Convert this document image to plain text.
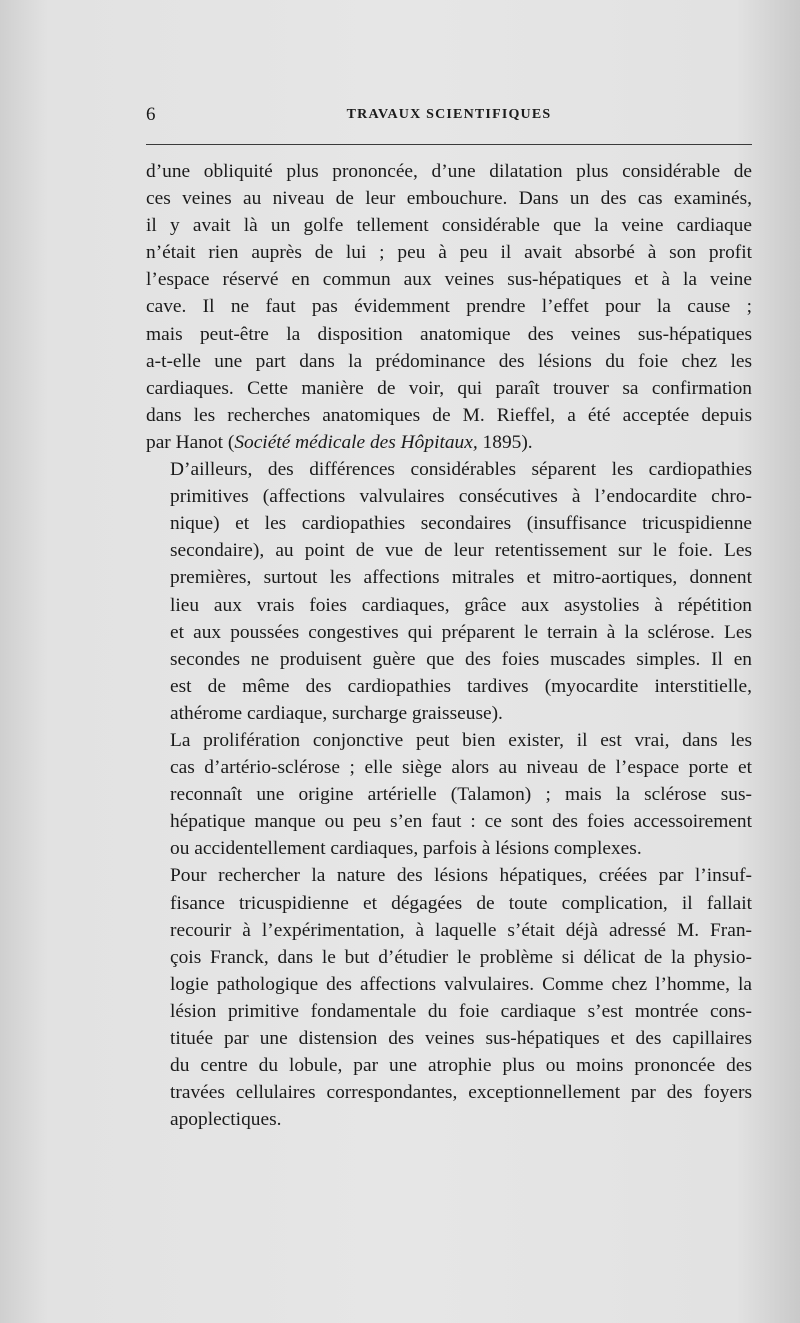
6	TRAVAUX SCIENTIFIQUES

d’une obliquité plus prononcée, d’une dilatation plus considérable de
ces veines au niveau de leur embouchure. Dans un des cas examinés,
il y avait là un golfe tellement considérable que la veine cardiaque
n’était rien auprès de lui ; peu à peu il avait absorbé à son profit
l’espace réservé en commun aux veines sus-hépatiques et à la veine
cave. Il ne faut pas évidemment prendre l’effet pour la cause ;
mais peut-être la disposition anatomique des veines sus-hépatiques
a-t-elle une part dans la prédominance des lésions du foie chez les
cardiaques. Cette manière de voir, qui paraît trouver sa confirmation
dans les recherches anatomiques de M. Rieffel, a été acceptée depuis
par Hanot (Société médicale des Hôpitaux, 1895).

D’ailleurs, des différences considérables séparent les cardiopathies
primitives (affections valvulaires consécutives à l’endocardite chro-
nique) et les cardiopathies secondaires (insuffisance tricuspidienne
secondaire), au point de vue de leur retentissement sur le foie. Les
premières, surtout les affections mitrales et mitro-aortiques, donnent
lieu aux vrais foies cardiaques, grâce aux asystolies à répétition
et aux poussées congestives qui préparent le terrain à la sclérose. Les
secondes ne produisent guère que des foies muscades simples. Il en
est de même des cardiopathies tardives (myocardite interstitielle,
athérome cardiaque, surcharge graisseuse).

La prolifération conjonctive peut bien exister, il est vrai, dans les
cas d’artério-sclérose ; elle siège alors au niveau de l’espace porte et
reconnaît une origine artérielle (Talamon) ; mais la sclérose sus-
hépatique manque ou peu s’en faut : ce sont des foies accessoirement
ou accidentellement cardiaques, parfois à lésions complexes.

Pour rechercher la nature des lésions hépatiques, créées par l’insuf-
fisance tricuspidienne et dégagées de toute complication, il fallait
recourir à l’expérimentation, à laquelle s’était déjà adressé M. Fran-
çois Franck, dans le but d’étudier le problème si délicat de la physio-
logie pathologique des affections valvulaires. Comme chez l’homme, la
lésion primitive fondamentale du foie cardiaque s’est montrée cons-
tituée par une distension des veines sus-hépatiques et des capillaires
du centre du lobule, par une atrophie plus ou moins prononcée des
travées cellulaires correspondantes, exceptionnellement par des foyers
apoplectiques.
